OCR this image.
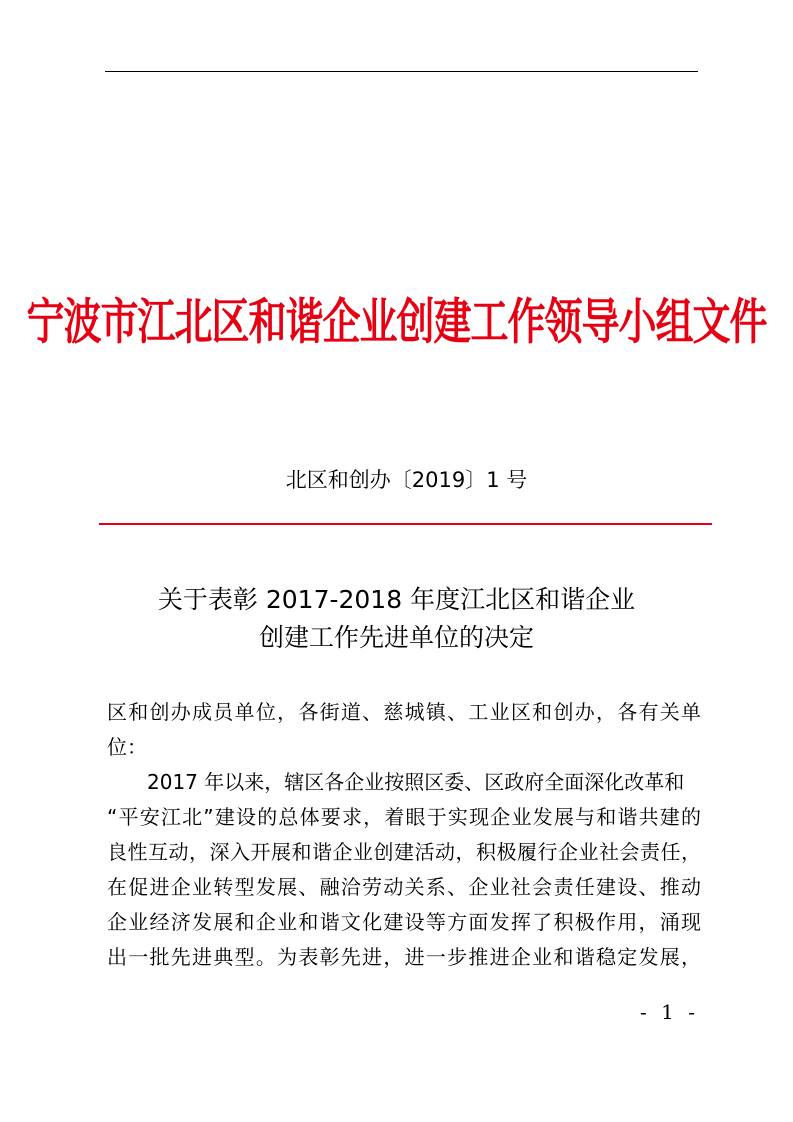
宁波市江北区和谐企业创建工作领导小组文件
北区和创办〔2019〕1 号
关于表彰 2017-2018 年度江北区和谐企业
创建工作先进单位的决定
区和创办成员单位，各街道、慈城镇、工业区和创办，各有关单
位：
2017 年以来，辖区各企业按照区委、区政府全面深化改革和
“平安江北”建设的总体要求，着眼于实现企业发展与和谐共建的
良性互动，深入开展和谐企业创建活动，积极履行企业社会责任，
在促进企业转型发展、融洽劳动关系、企业社会责任建设、推动
企业经济发展和企业和谐文化建设等方面发挥了积极作用，涌现
出一批先进典型。为表彰先进，进一步推进企业和谐稳定发展，
- 1 -
